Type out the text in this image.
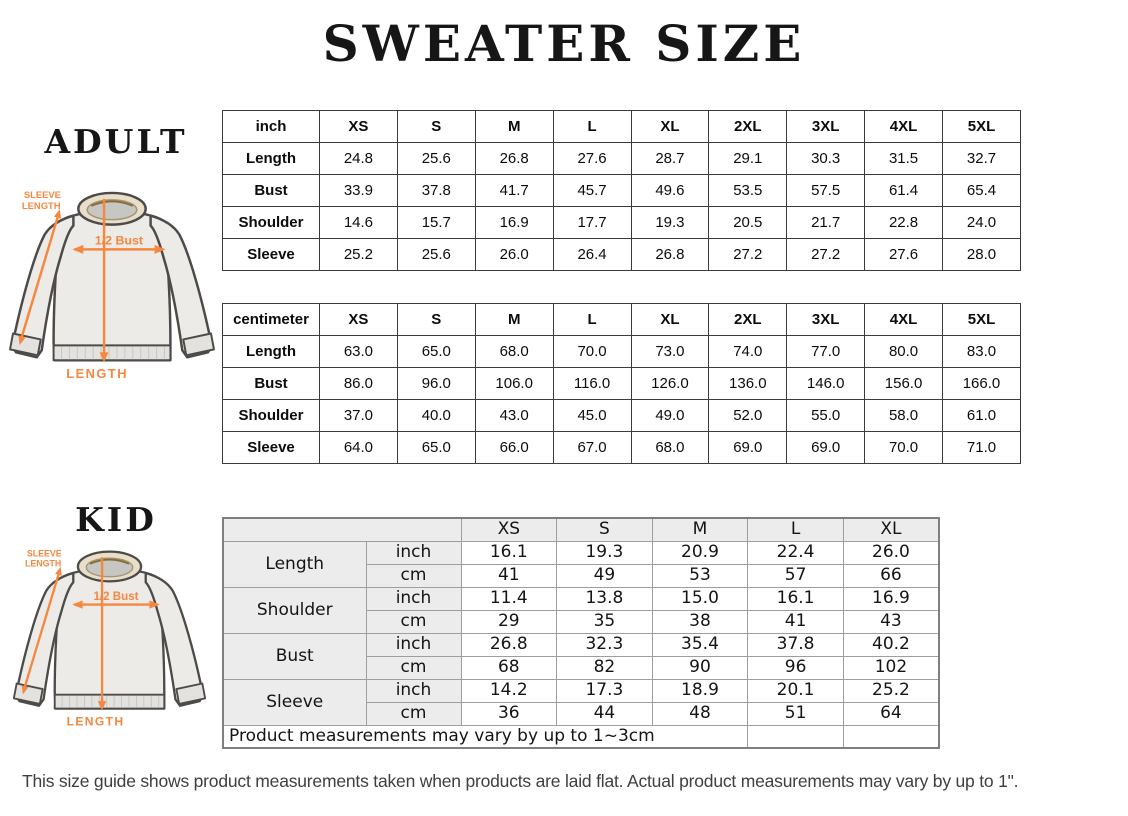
SWEATER SIZE
ADULT
KID
SLEEVE
LENGTH
1/2 Bust
LENGTH
SLEEVE
LENGTH
1/2 Bust
LENGTH
inch	XS	S	M	L	XL	2XL	3XL	4XL	5XL
Length	24.8	25.6	26.8	27.6	28.7	29.1	30.3	31.5	32.7
Bust	33.9	37.8	41.7	45.7	49.6	53.5	57.5	61.4	65.4
Shoulder	14.6	15.7	16.9	17.7	19.3	20.5	21.7	22.8	24.0
Sleeve	25.2	25.6	26.0	26.4	26.8	27.2	27.2	27.6	28.0
centimeter	XS	S	M	L	XL	2XL	3XL	4XL	5XL
Length	63.0	65.0	68.0	70.0	73.0	74.0	77.0	80.0	83.0
Bust	86.0	96.0	106.0	116.0	126.0	136.0	146.0	156.0	166.0
Shoulder	37.0	40.0	43.0	45.0	49.0	52.0	55.0	58.0	61.0
Sleeve	64.0	65.0	66.0	67.0	68.0	69.0	69.0	70.0	71.0
		XS	S	M	L	XL
Length	inch	16.1	19.3	20.9	22.4	26.0
	cm	41	49	53	57	66
Shoulder	inch	11.4	13.8	15.0	16.1	16.9
	cm	29	35	38	41	43
Bust	inch	26.8	32.3	35.4	37.8	40.2
	cm	68	82	90	96	102
Sleeve	inch	14.2	17.3	18.9	20.1	25.2
	cm	36	44	48	51	64
Product measurements may vary by up to 1~3cm						
This size guide shows product measurements taken when products are laid flat. Actual product measurements may vary by up to 1".
